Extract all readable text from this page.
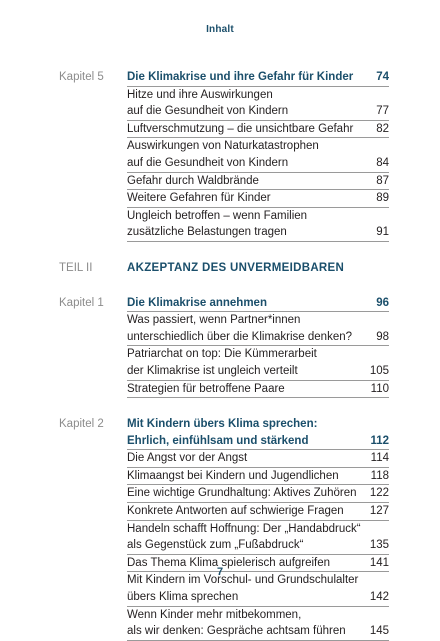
Inhalt
Kapitel 5 Die Klimakrise und ihre Gefahr für Kinder 74
Hitze und ihre Auswirkungen
auf die Gesundheit von Kindern	77
Luftverschmutzung – die unsichtbare Gefahr 82
Auswirkungen von Naturkatastrophen
auf die Gesundheit von Kindern	84
Gefahr durch Waldbrände	87
Weitere Gefahren für Kinder	89
Ungleich betroffen – wenn Familien
zusätzliche Belastungen tragen	91
TEIL II	AKZEPTANZ DES UNVERMEIDBAREN
Kapitel 1 Die Klimakrise annehmen	96
Was passiert, wenn Partner*innen
unterschiedlich über die Klimakrise denken? 98
Patriarchat on top: Die Kümmerarbeit
der Klimakrise ist ungleich verteilt	105
Strategien für betroffene Paare	110
Kapitel 2 Mit Kindern übers Klima sprechen:
Ehrlich, einfühlsam und stärkend	112
Die Angst vor der Angst	114
Klimaangst bei Kindern und Jugendlichen	118
Eine wichtige Grundhaltung: Aktives Zuhören 122
Konkrete Antworten auf schwierige Fragen 127
Handeln schafft Hoffnung: Der „Handabdruck“
als Gegenstück zum „Fußabdruck“	135
Das Thema Klima spielerisch aufgreifen	141
Mit Kindern im Vorschul- und Grundschulalter
übers Klima sprechen	142
Wenn Kinder mehr mitbekommen,
als wir denken: Gespräche achtsam führen 145
7
